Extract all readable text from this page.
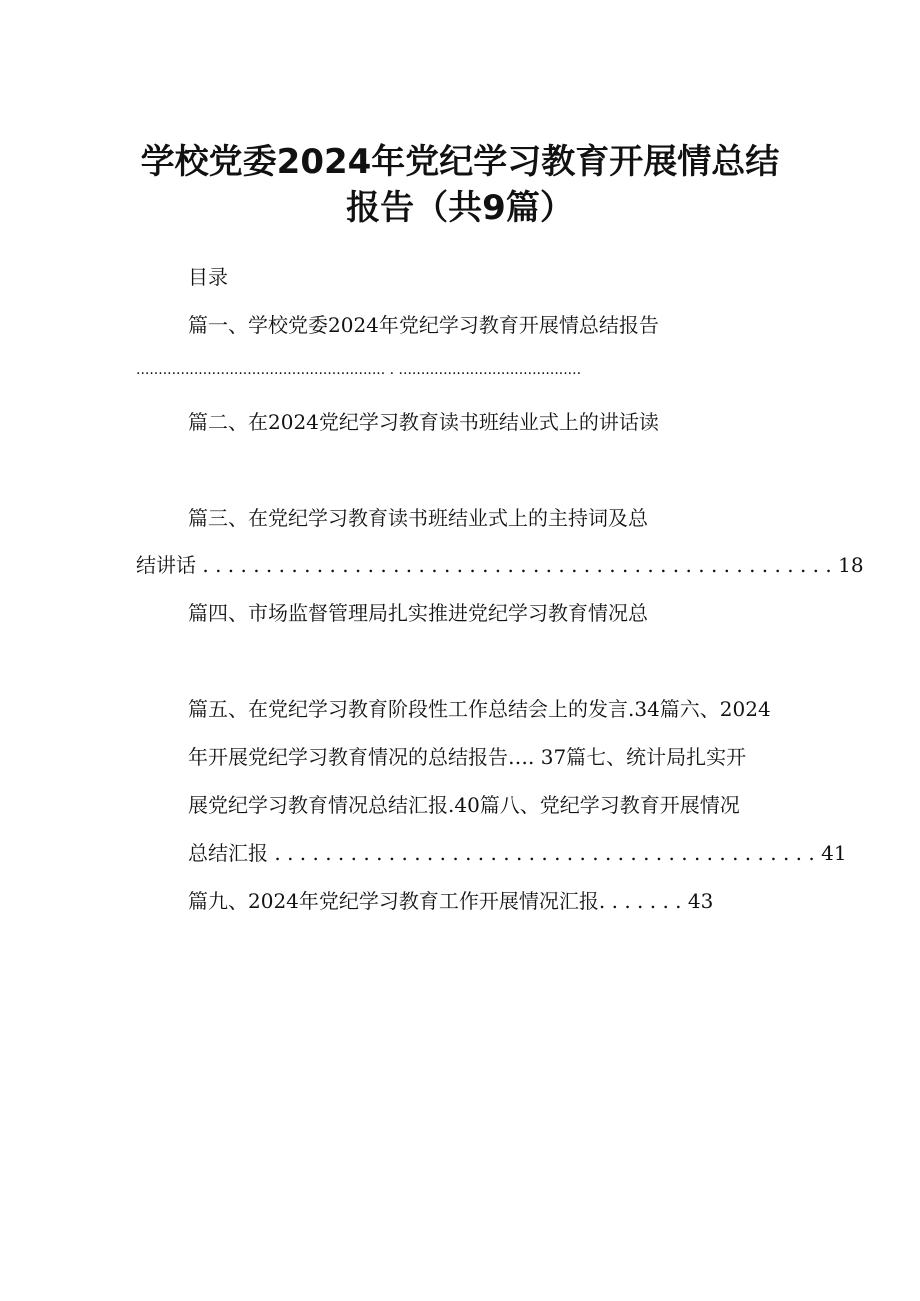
学校党委2024年党纪学习教育开展情总结
报告（共9篇）
目录
篇一、学校党委2024年党纪学习教育开展情总结报告
........................................................ . .........................................
篇二、在2024党纪学习教育读书班结业式上的讲话读
篇三、在党纪学习教育读书班结业式上的主持词及总
结讲话 . . . . . . . . . . . . . . . . . . . . . . . . . . . . . . . . . . . . . . . . . . . . . . . . . . 18
篇四、市场监督管理局扎实推进党纪学习教育情况总
篇五、在党纪学习教育阶段性工作总结会上的发言.34篇六、2024
年开展党纪学习教育情况的总结报告…. 37篇七、统计局扎实开
展党纪学习教育情况总结汇报.40篇八、党纪学习教育开展情况
总结汇报 . . . . . . . . . . . . . . . . . . . . . . . . . . . . . . . . . . . . . . . . . . . 41
篇九、2024年党纪学习教育工作开展情况汇报. . . . . . . 43
